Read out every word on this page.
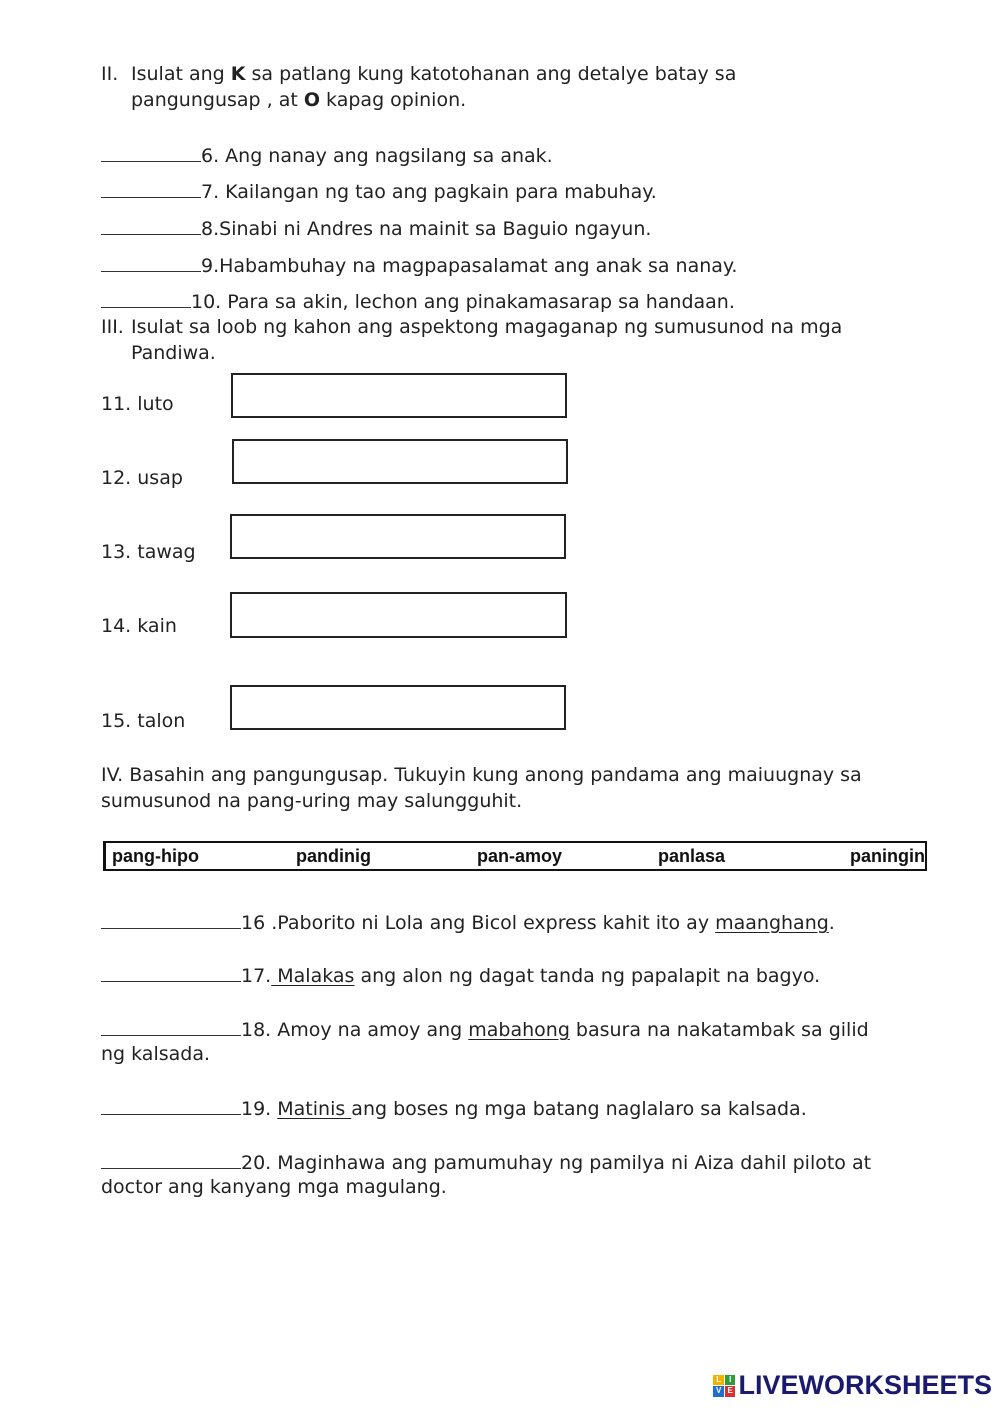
II. Isulat ang K sa patlang kung katotohanan ang detalye batay sa
pangungusap , at O kapag opinion.
6. Ang nanay ang nagsilang sa anak.
7. Kailangan ng tao ang pagkain para mabuhay.
8.Sinabi ni Andres na mainit sa Baguio ngayun.
9.Habambuhay na magpapasalamat ang anak sa nanay.
10. Para sa akin, lechon ang pinakamasarap sa handaan.
III. Isulat sa loob ng kahon ang aspektong magaganap ng sumusunod na mga
Pandiwa.
11. luto
12. usap
13. tawag
14. kain
15. talon
IV. Basahin ang pangungusap. Tukuyin kung anong pandama ang maiuugnay sa
sumusunod na pang-uring may salungguhit.
pang-hipo	pandinig	pan-amoy	panlasa	paningin
16 .Paborito ni Lola ang Bicol express kahit ito ay maanghang.
17. Malakas ang alon ng dagat tanda ng papalapit na bagyo.
18. Amoy na amoy ang mabahong basura na nakatambak sa gilid
ng kalsada.
19. Matinis ang boses ng mga batang naglalaro sa kalsada.
20. Maginhawa ang pamumuhay ng pamilya ni Aiza dahil piloto at
doctor ang kanyang mga magulang.
L I
V E LIVEWORKSHEETS
